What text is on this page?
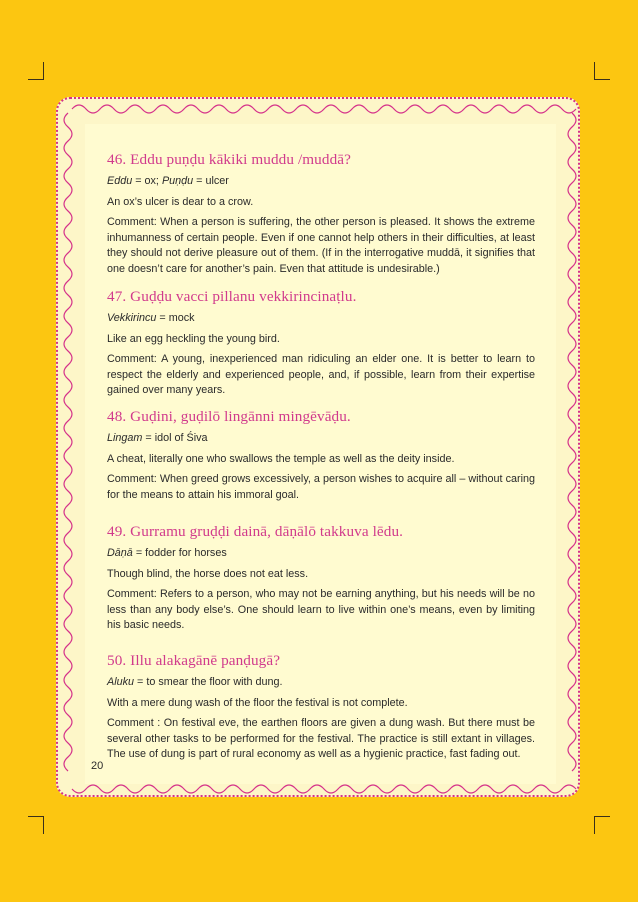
46. Eddu puṇḍu kākiki muddu /muddā?

Eddu = ox; Puṇḍu = ulcer

An ox’s ulcer is dear to a crow.

Comment: When a person is suffering, the other person is pleased. It shows the extreme inhumanness of certain people. Even if one cannot help others in their difficulties, at least they should not derive pleasure out of them. (If in the interrogative muddā, it signifies that one doesn’t care for another’s pain. Even that attitude is undesirable.)

47. Guḍḍu vacci pillanu vekkirincinaṭlu.

Vekkirincu = mock

Like an egg heckling the young bird.

Comment: A young, inexperienced man ridiculing an elder one. It is better to learn to respect the elderly and experienced people, and, if possible, learn from their expertise gained over many years.

48. Guḍini, guḍilō lingānni mingēvāḍu.

Lingam = idol of Śiva

A cheat, literally one who swallows the temple as well as the deity inside.

Comment: When greed grows excessively, a person wishes to acquire all – without caring for the means to attain his immoral goal.

49. Gurramu gruḍḍi dainā, dāṇālō takkuva lēdu.

Dāṇā = fodder for horses

Though blind, the horse does not eat less.

Comment: Refers to a person, who may not be earning anything, but his needs will be no less than any body else’s. One should learn to live within one’s means, even by limiting his basic needs.

50. Illu alakagānē panḍugā?

Aluku = to smear the floor with dung.

With a mere dung wash of the floor the festival is not complete.

Comment : On festival eve, the earthen floors are given a dung wash. But there must be several other tasks to be performed for the festival. The practice is still extant in villages. The use of dung is part of rural economy as well as a hygienic practice, fast fading out.

20
